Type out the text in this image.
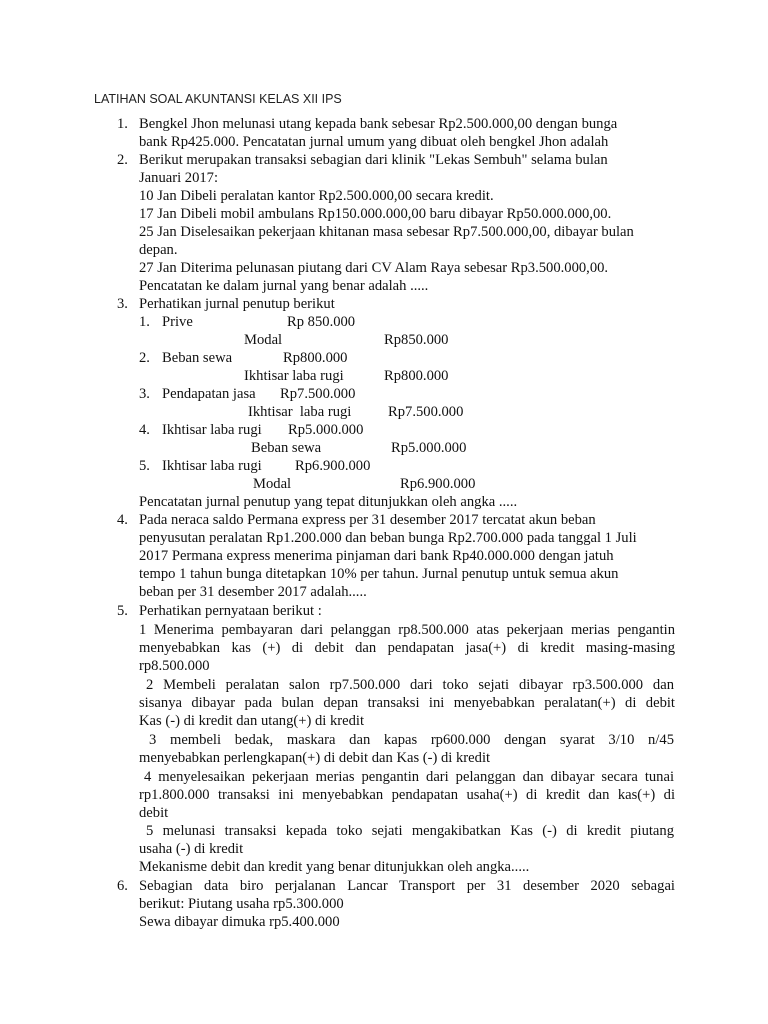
LATIHAN SOAL AKUNTANSI KELAS XII IPS
1. Bengkel Jhon melunasi utang kepada bank sebesar Rp2.500.000,00 dengan bunga
bank Rp425.000. Pencatatan jurnal umum yang dibuat oleh bengkel Jhon adalah
2. Berikut merupakan transaksi sebagian dari klinik "Lekas Sembuh" selama bulan
Januari 2017:
10 Jan Dibeli peralatan kantor Rp2.500.000,00 secara kredit.
17 Jan Dibeli mobil ambulans Rp150.000.000,00 baru dibayar Rp50.000.000,00.
25 Jan Diselesaikan pekerjaan khitanan masa sebesar Rp7.500.000,00, dibayar bulan
depan.
27 Jan Diterima pelunasan piutang dari CV Alam Raya sebesar Rp3.500.000,00.
Pencatatan ke dalam jurnal yang benar adalah .....
3. Perhatikan jurnal penutup berikut
1. Prive	Rp 850.000
Modal	Rp850.000
2. Beban sewa	Rp800.000
Ikhtisar laba rugi	Rp800.000
3. Pendapatan jasa Rp7.500.000
Ikhtisar  laba rugi	Rp7.500.000
4. Ikhtisar laba rugi Rp5.000.000
Beban sewa	Rp5.000.000
5. Ikhtisar laba rugi Rp6.900.000
Modal	Rp6.900.000
Pencatatan jurnal penutup yang tepat ditunjukkan oleh angka .....
4. Pada neraca saldo Permana express per 31 desember 2017 tercatat akun beban
penyusutan peralatan Rp1.200.000 dan beban bunga Rp2.700.000 pada tanggal 1 Juli
2017 Permana express menerima pinjaman dari bank Rp40.000.000 dengan jatuh
tempo 1 tahun bunga ditetapkan 10% per tahun. Jurnal penutup untuk semua akun
beban per 31 desember 2017 adalah.....
5. Perhatikan pernyataan berikut :
1 Menerima pembayaran dari pelanggan rp8.500.000 atas pekerjaan merias pengantin
menyebabkan kas (+) di debit dan pendapatan jasa(+) di kredit masing-masing
rp8.500.000
2 Membeli peralatan salon rp7.500.000 dari toko sejati dibayar rp3.500.000 dan
sisanya dibayar pada bulan depan transaksi ini menyebabkan peralatan(+) di debit
Kas (-) di kredit dan utang(+) di kredit
3 membeli bedak, maskara dan kapas rp600.000 dengan syarat 3/10 n/45
menyebabkan perlengkapan(+) di debit dan Kas (-) di kredit
4 menyelesaikan pekerjaan merias pengantin dari pelanggan dan dibayar secara tunai
rp1.800.000 transaksi ini menyebabkan pendapatan usaha(+) di kredit dan kas(+) di
debit
5 melunasi transaksi kepada toko sejati mengakibatkan Kas (-) di kredit piutang
usaha (-) di kredit
Mekanisme debit dan kredit yang benar ditunjukkan oleh angka.....
6. Sebagian data biro perjalanan Lancar Transport per 31 desember 2020 sebagai
berikut: Piutang usaha rp5.300.000
Sewa dibayar dimuka rp5.400.000
